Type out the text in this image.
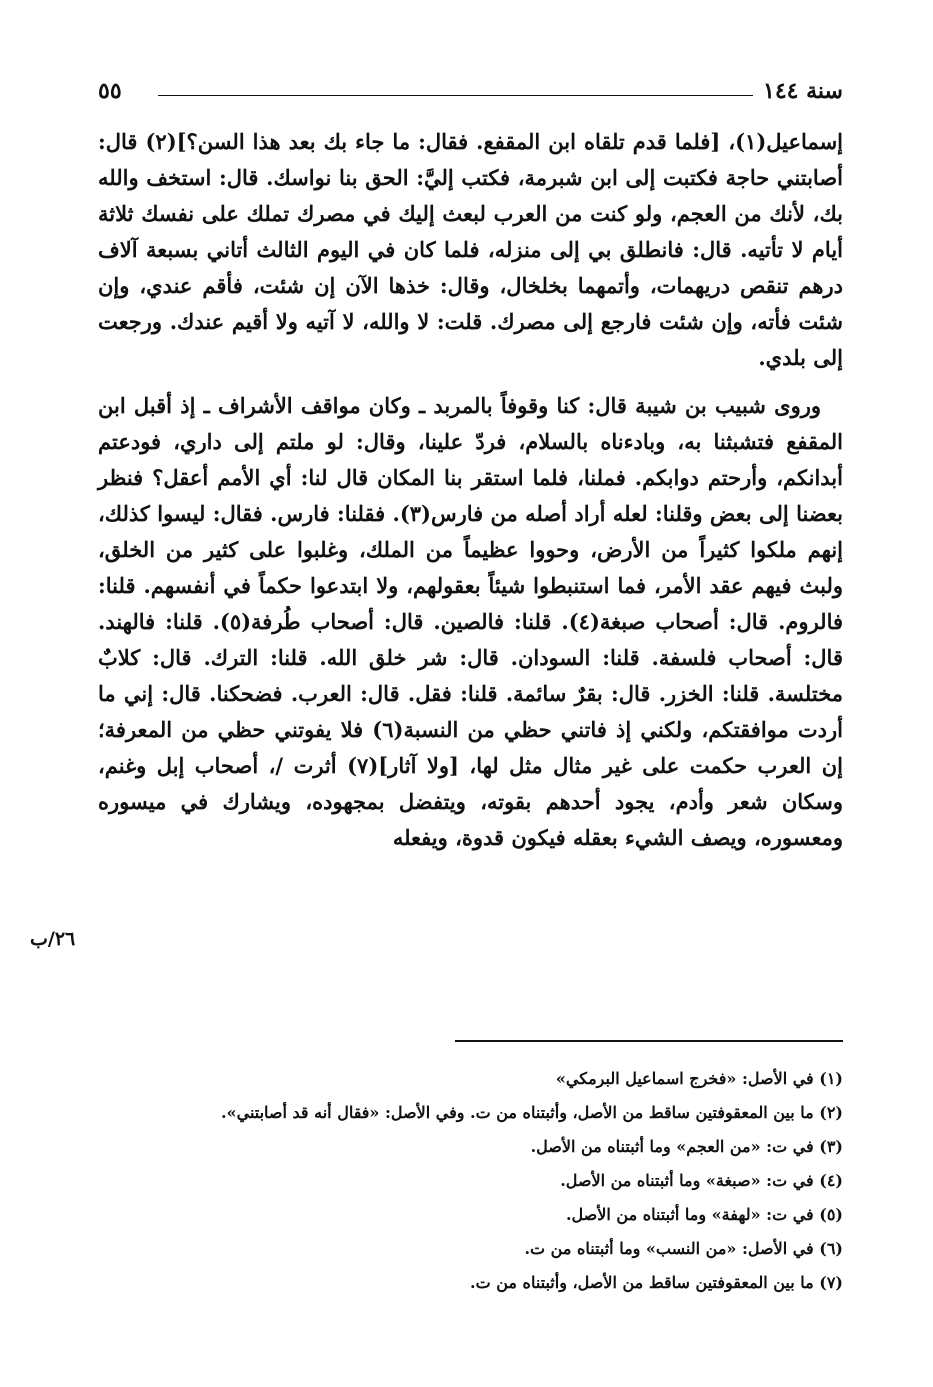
سنة ١٤٤
٥٥

إسماعيل(١)، [فلما قدم تلقاه ابن المقفع. فقال: ما جاء بك بعد هذا السن؟](٢) قال: أصابتني حاجة فكتبت إلى ابن شبرمة، فكتب إليَّ: الحق بنا نواسك. قال: استخف والله بك، لأنك من العجم، ولو كنت من العرب لبعث إليك في مصرك تملك على نفسك ثلاثة أيام لا تأتيه. قال: فانطلق بي إلى منزله، فلما كان في اليوم الثالث أتاني بسبعة آلاف درهم تنقص دريهمات، وأتمهما بخلخال، وقال: خذها الآن إن شئت، فأقم عندي، وإن شئت فأته، وإن شئت فارجع إلى مصرك. قلت: لا والله، لا آتيه ولا أقيم عندك. ورجعت إلى بلدي.

وروى شبيب بن شيبة قال: كنا وقوفاً بالمربد ـ وكان مواقف الأشراف ـ إذ أقبل ابن المقفع فتشبثنا به، وبادءناه بالسلام، فردّ علينا، وقال: لو ملتم إلى داري، فودعتم أبدانكم، وأرحتم دوابكم. فملنا، فلما استقر بنا المكان قال لنا: أي الأمم أعقل؟ فنظر بعضنا إلى بعض وقلنا: لعله أراد أصله من فارس(٣). فقلنا: فارس. فقال: ليسوا كذلك، إنهم ملكوا كثيراً من الأرض، وحووا عظيماً من الملك، وغلبوا على كثير من الخلق، ولبث فيهم عقد الأمر، فما استنبطوا شيئاً بعقولهم، ولا ابتدعوا حكماً في أنفسهم. قلنا: فالروم. قال: أصحاب صبغة(٤). قلنا: فالصين. قال: أصحاب طُرفة(٥). قلنا: فالهند. قال: أصحاب فلسفة. قلنا: السودان. قال: شر خلق الله. قلنا: الترك. قال: كلابٌ مختلسة. قلنا: الخزر. قال: بقرٌ سائمة. قلنا: فقل. قال: العرب. فضحكنا. قال: إني ما أردت موافقتكم، ولكني إذ فاتني حظي من النسبة(٦) فلا يفوتني حظي من المعرفة؛ إن العرب حكمت على غير مثال مثل لها، [ولا آثار](٧) أثرت /، أصحاب إبل وغنم، وسكان شعر وأدم، يجود أحدهم بقوته، ويتفضل بمجهوده، ويشارك في ميسوره ومعسوره، ويصف الشيء بعقله فيكون قدوة، ويفعله

٢٦/ب
(١) في الأصل: «فخرج اسماعيل البرمكي»
(٢) ما بين المعقوفتين ساقط من الأصل، وأثبتناه من ت. وفي الأصل: «فقال أنه قد أصابتني».
(٣) في ت: «من العجم» وما أثبتناه من الأصل.
(٤) في ت: «صبغة» وما أثبتناه من الأصل.
(٥) في ت: «لهفة» وما أثبتناه من الأصل.
(٦) في الأصل: «من النسب» وما أثبتناه من ت.
(٧) ما بين المعقوفتين ساقط من الأصل، وأثبتناه من ت.
